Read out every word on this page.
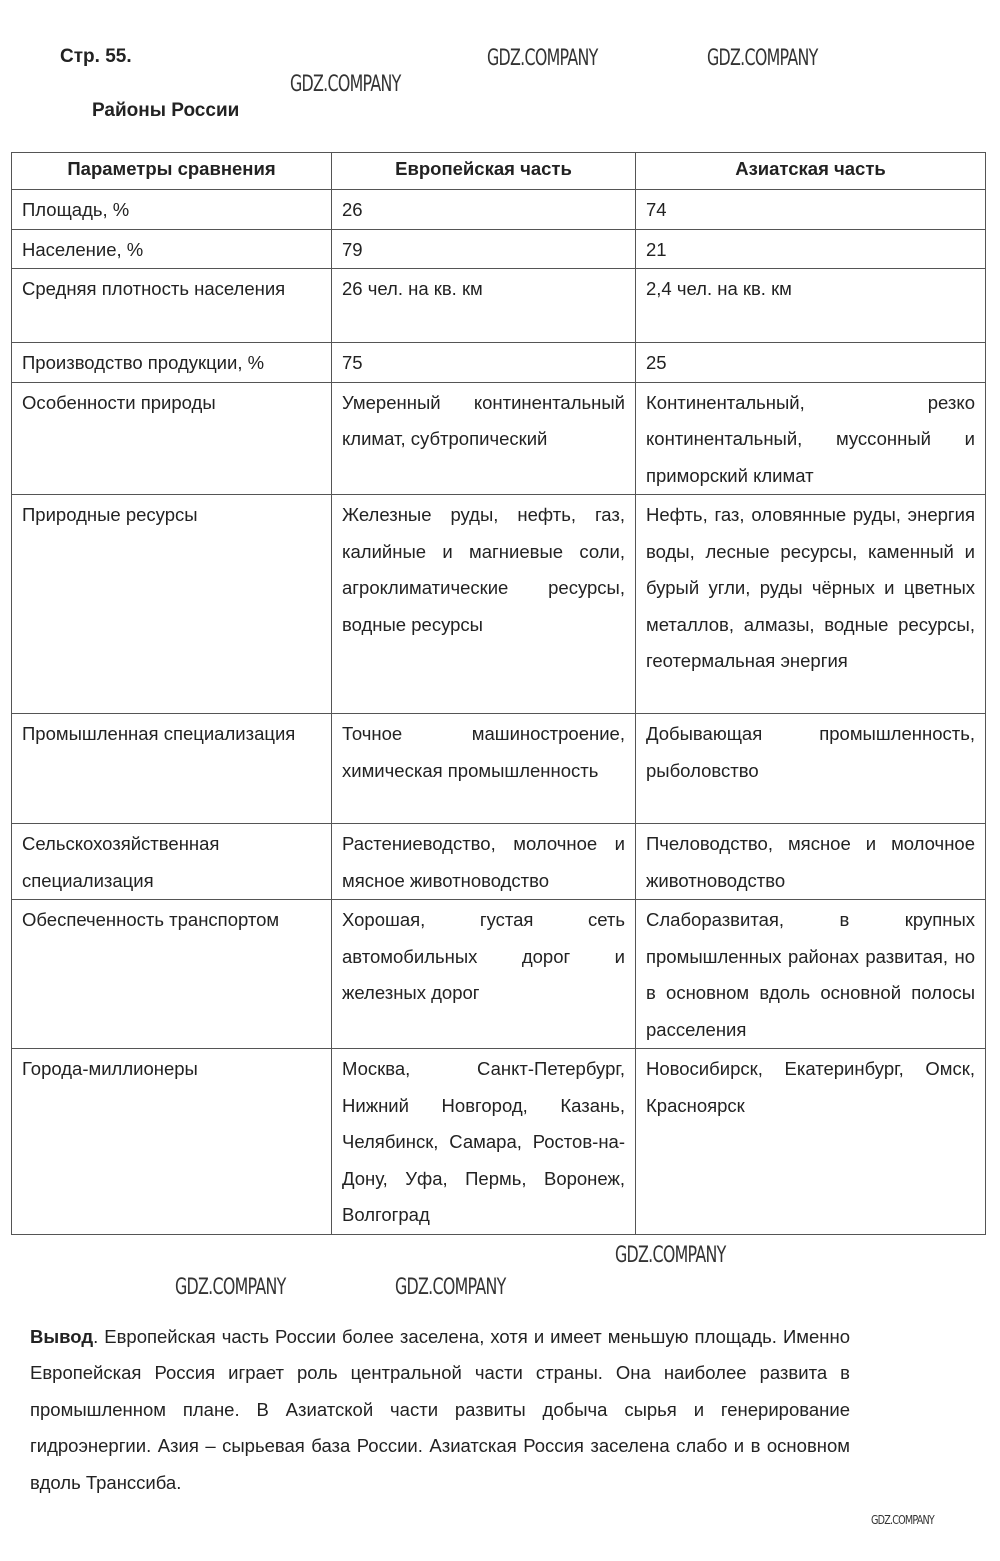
Стр. 55.
Районы России
GDZ.COMPANY	GDZ.COMPANY
GDZ.COMPANY
Параметры сравнения	Европейская часть	Азиатская часть
Площадь, %	26	74
Население, %	79	21
Средняя плотность населения	26 чел. на кв. км	2,4 чел. на кв. км
Производство продукции, %	75	25
Особенности природы	Умеренный континентальный климат, субтропический	Континентальный, резко континентальный, муссонный и приморский климат
Природные ресурсы	Железные руды, нефть, газ, калийные и магниевые соли, агроклиматические ресурсы, водные ресурсы	Нефть, газ, оловянные руды, энергия воды, лесные ресурсы, каменный и бурый угли, руды чёрных и цветных металлов, алмазы, водные ресурсы, геотермальная энергия
Промышленная специализация	Точное машиностроение, химическая промышленность	Добывающая промышленность, рыболовство
Сельскохозяйственная специализация	Растениеводство, молочное и мясное животноводство	Пчеловодство, мясное и молочное животноводство
Обеспеченность транспортом	Хорошая, густая сеть автомобильных дорог и железных дорог	Слаборазвитая, в крупных промышленных районах развитая, но в основном вдоль основной полосы расселения
Города-миллионеры	Москва, Санкт-Петербург, Нижний Новгород, Казань, Челябинск, Самара, Ростов-на-Дону, Уфа, Пермь, Воронеж, Волгоград	Новосибирск, Екатеринбург, Омск, Красноярск
GDZ.COMPANY	GDZ.COMPANY
GDZ.COMPANY
Вывод. Европейская часть России более заселена, хотя и имеет меньшую площадь. Именно Европейская Россия играет роль центральной части страны. Она наиболее развита в промышленном плане. В Азиатской части развиты добыча сырья и генерирование гидроэнергии. Азия – сырьевая база России. Азиатская Россия заселена слабо и в основном вдоль Транссиба.
GDZ.COMPANY
